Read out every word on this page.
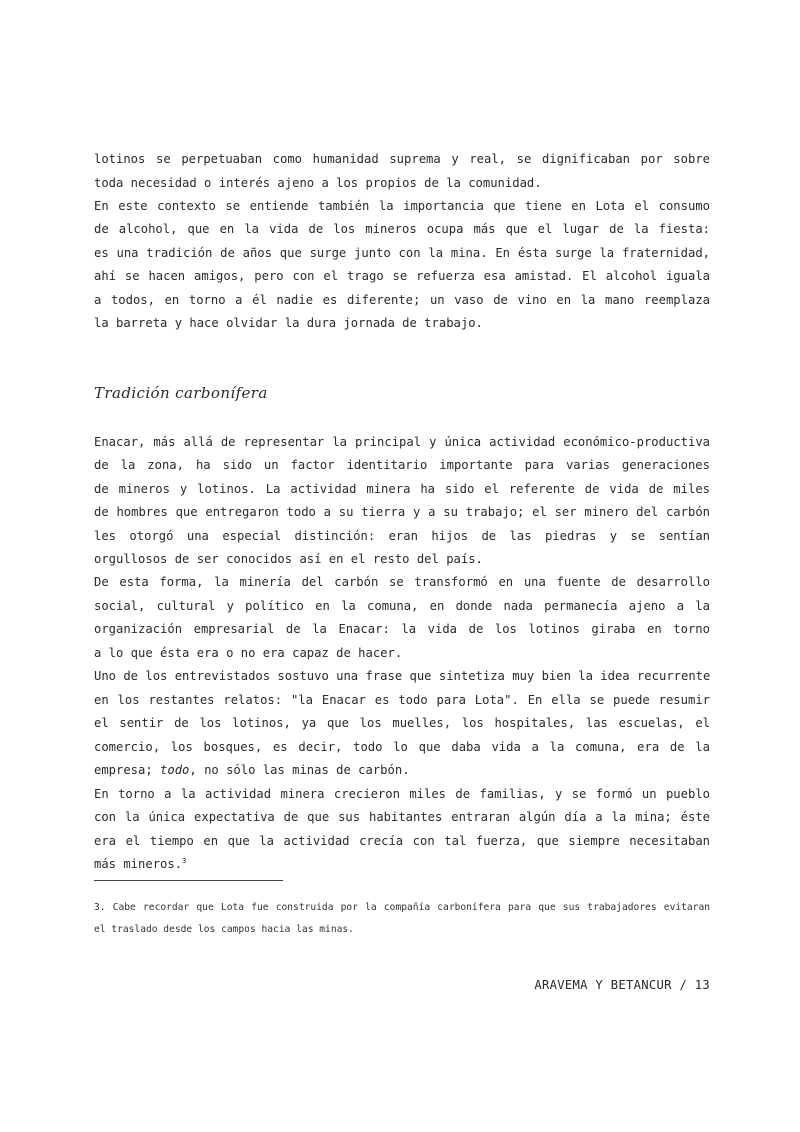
lotinos se perpetuaban como humanidad suprema y real, se dignificaban por sobre
toda necesidad o interés ajeno a los propios de la comunidad.
En este contexto se entiende también la importancia que tiene en Lota el consumo
de alcohol, que en la vida de los mineros ocupa más que el lugar de la fiesta:
es una tradición de años que surge junto con la mina. En ésta surge la fraternidad,
ahí se hacen amigos, pero con el trago se refuerza esa amistad. El alcohol iguala
a todos, en torno a él nadie es diferente; un vaso de vino en la mano reemplaza
la barreta y hace olvidar la dura jornada de trabajo.
Tradición carbonífera
Enacar, más allá de representar la principal y única actividad económico-productiva
de la zona, ha sido un factor identitario importante para varias generaciones
de mineros y lotinos. La actividad minera ha sido el referente de vida de miles
de hombres que entregaron todo a su tierra y a su trabajo; el ser minero del carbón
les otorgó una especial distinción: eran hijos de las piedras y se sentían
orgullosos de ser conocidos así en el resto del país.
De esta forma, la minería del carbón se transformó en una fuente de desarrollo
social, cultural y político en la comuna, en donde nada permanecía ajeno a la
organización empresarial de la Enacar: la vida de los lotinos giraba en torno
a lo que ésta era o no era capaz de hacer.
Uno de los entrevistados sostuvo una frase que sintetiza muy bien la idea recurrente
en los restantes relatos: "la Enacar es todo para Lota". En ella se puede resumir
el sentir de los lotinos, ya que los muelles, los hospitales, las escuelas, el
comercio, los bosques, es decir, todo lo que daba vida a la comuna, era de la
empresa; todo, no sólo las minas de carbón.
En torno a la actividad minera crecieron miles de familias, y se formó un pueblo
con la única expectativa de que sus habitantes entraran algún día a la mina; éste
era el tiempo en que la actividad crecía con tal fuerza, que siempre necesitaban
más mineros.$^3$
3. Cabe recordar que Lota fue construida por la compañía carbonífera para que sus trabajadores evitaran
el traslado desde los campos hacia las minas.
ARAVEMA Y BETANCUR / 13
